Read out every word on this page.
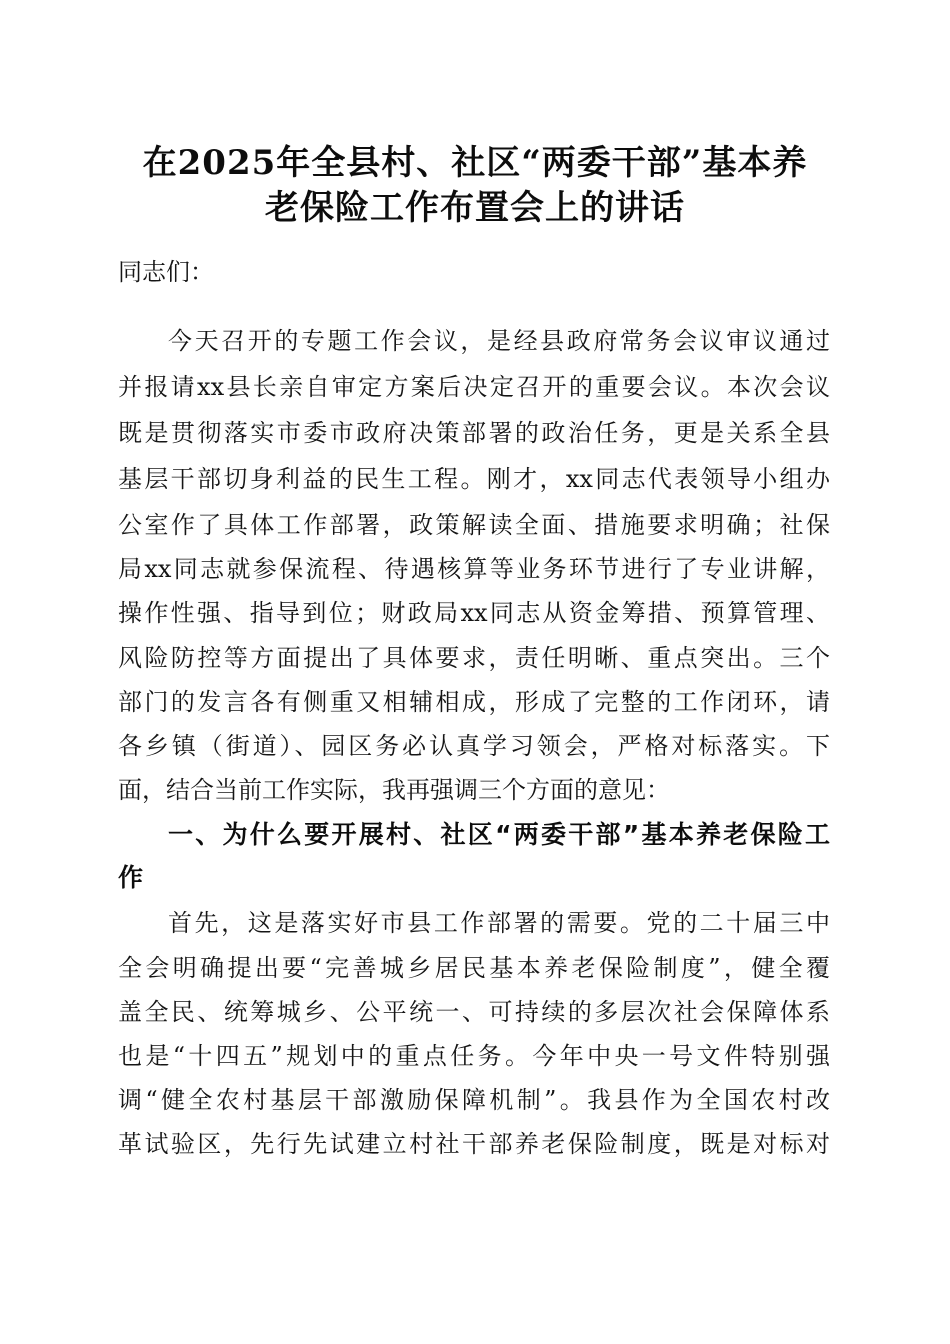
在2025年全县村、社区“两委干部”基本养
老保险工作布置会上的讲话
同志们：
今天召开的专题工作会议，是经县政府常务会议审议通过
并报请xx县长亲自审定方案后决定召开的重要会议。本次会议
既是贯彻落实市委市政府决策部署的政治任务，更是关系全县
基层干部切身利益的民生工程。刚才，xx同志代表领导小组办
公室作了具体工作部署，政策解读全面、措施要求明确；社保
局xx同志就参保流程、待遇核算等业务环节进行了专业讲解，
操作性强、指导到位；财政局xx同志从资金筹措、预算管理、
风险防控等方面提出了具体要求，责任明晰、重点突出。三个
部门的发言各有侧重又相辅相成，形成了完整的工作闭环，请
各乡镇（街道）、园区务必认真学习领会，严格对标落实。下
面，结合当前工作实际，我再强调三个方面的意见：
一、为什么要开展村、社区“两委干部”基本养老保险工
作
首先，这是落实好市县工作部署的需要。党的二十届三中
全会明确提出要“完善城乡居民基本养老保险制度”，健全覆
盖全民、统筹城乡、公平统一、可持续的多层次社会保障体系
也是“十四五”规划中的重点任务。今年中央一号文件特别强
调“健全农村基层干部激励保障机制”。我县作为全国农村改
革试验区，先行先试建立村社干部养老保险制度，既是对标对
